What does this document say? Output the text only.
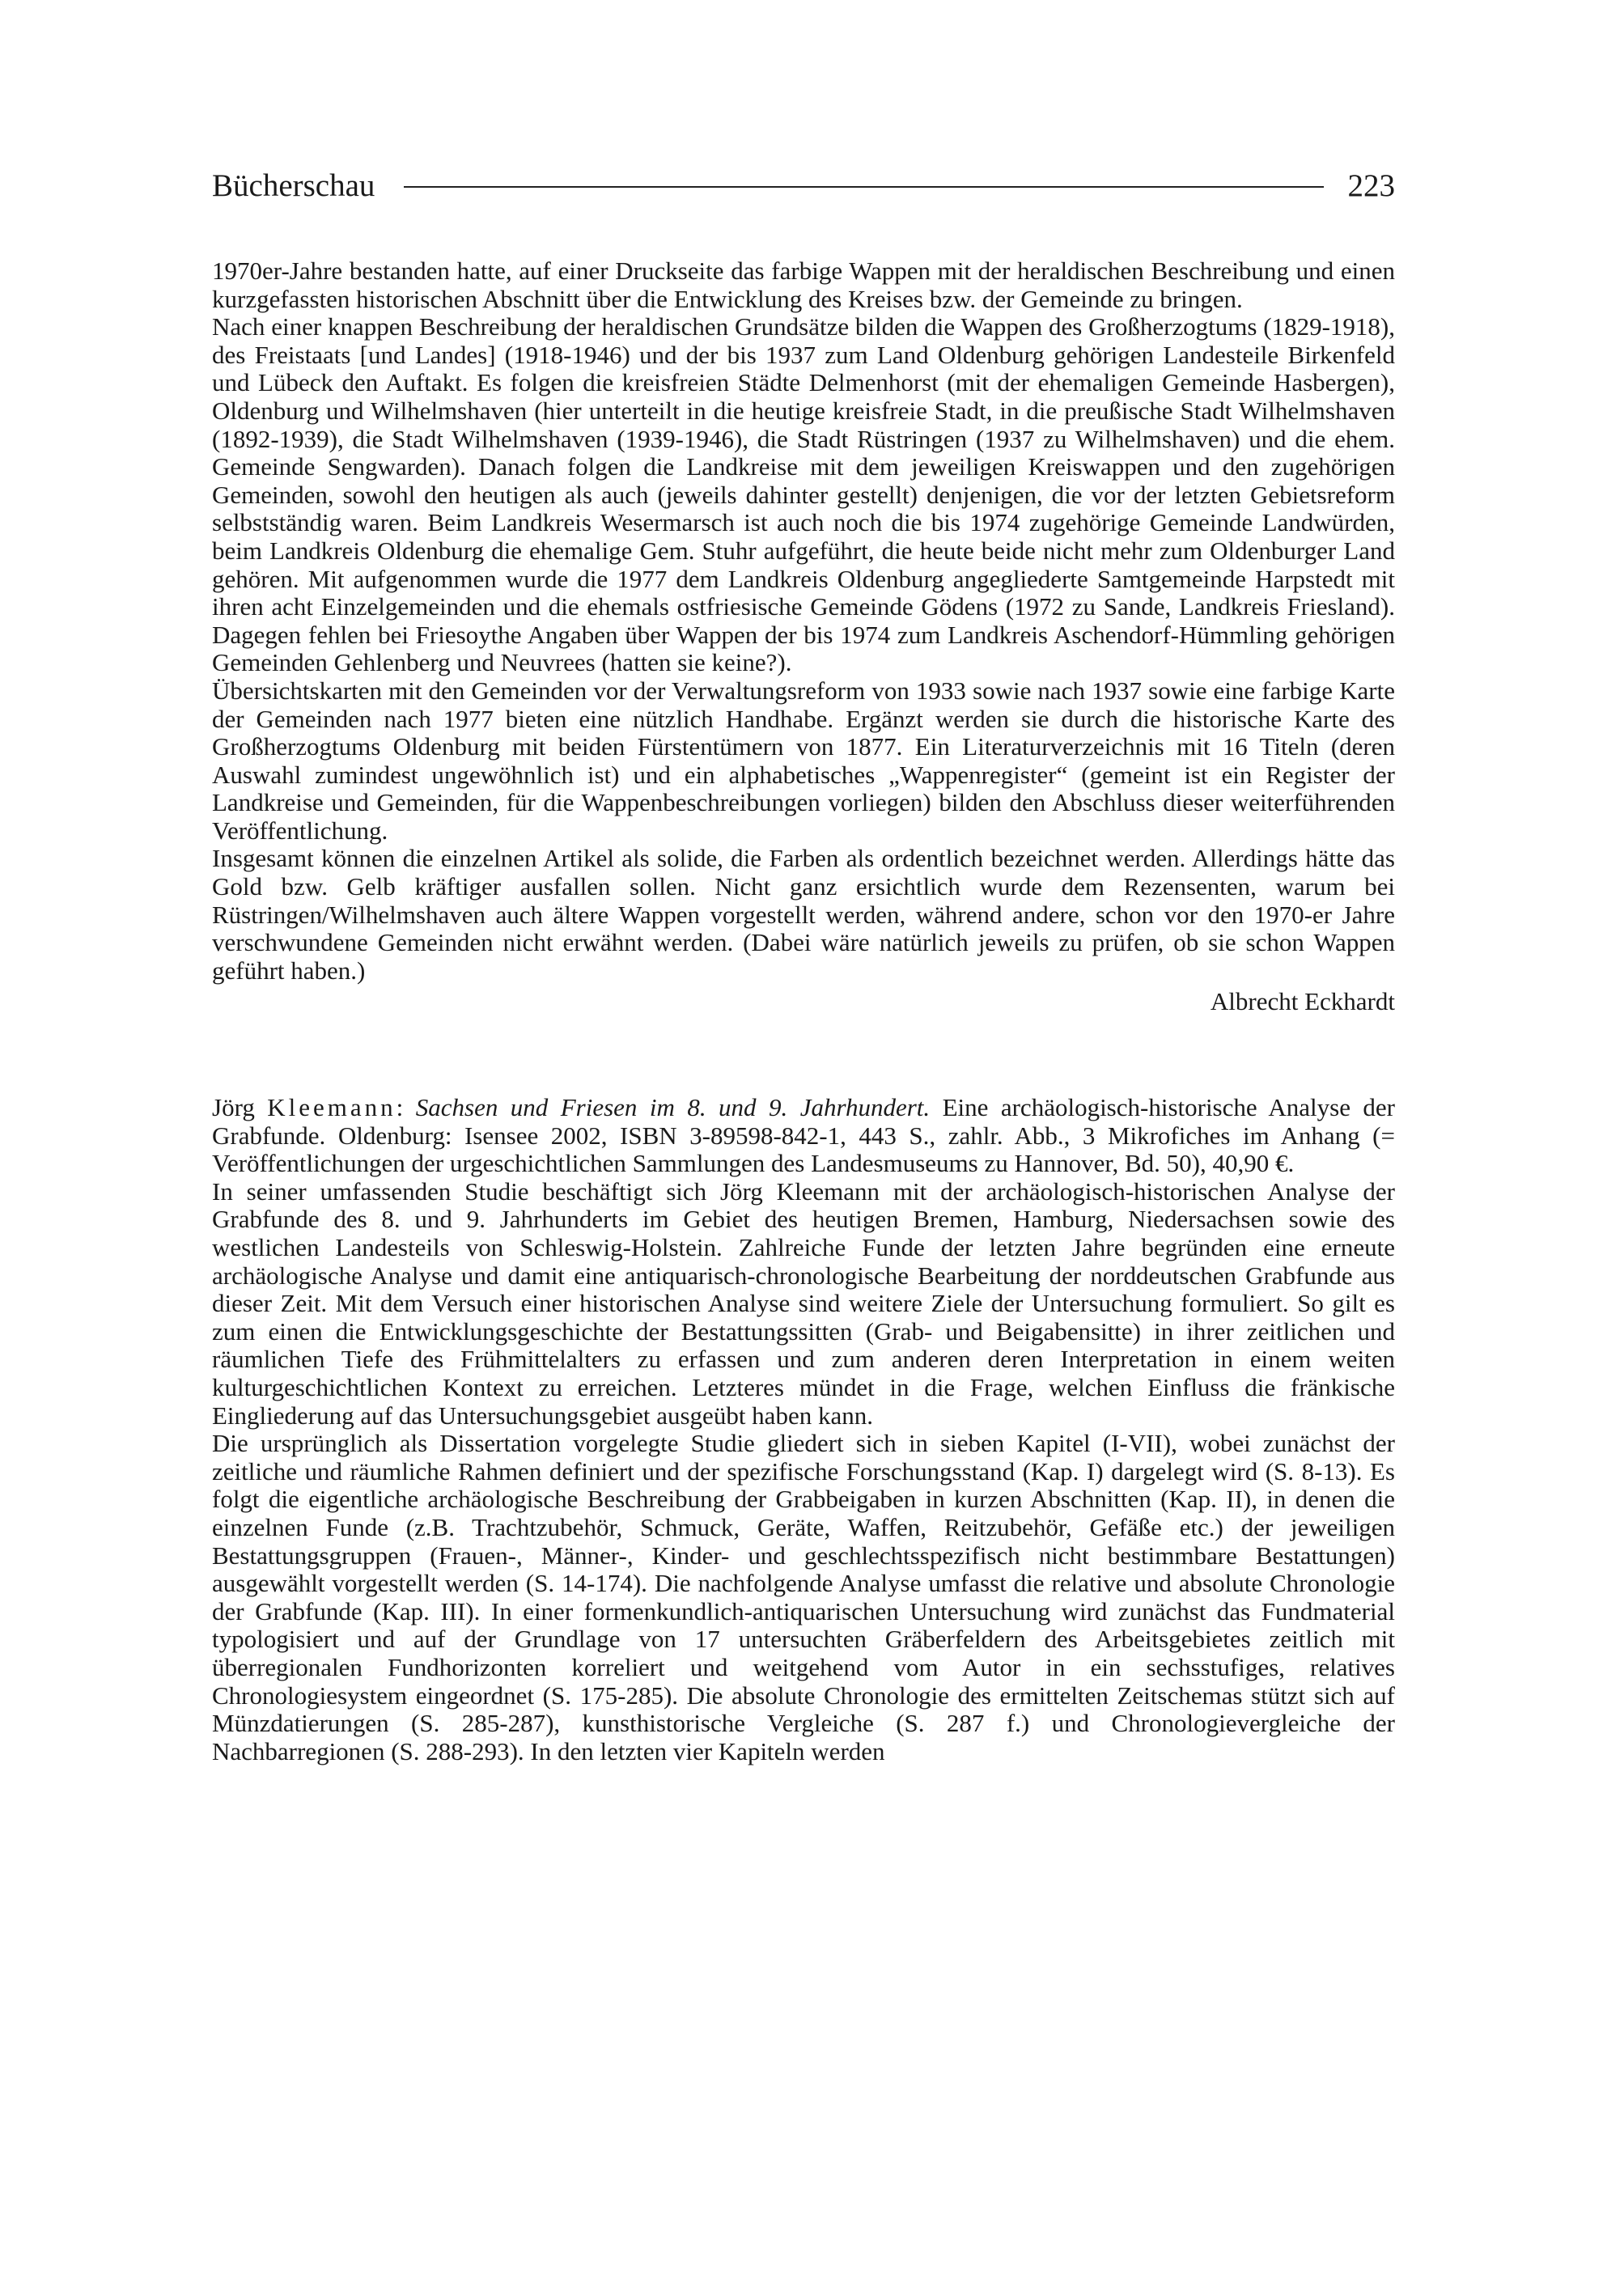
Bücherschau	223

1970er-Jahre bestanden hatte, auf einer Druckseite das farbige Wappen mit der heraldischen Beschreibung und einen kurzgefassten historischen Abschnitt über die Entwicklung des Kreises bzw. der Gemeinde zu bringen.

Nach einer knappen Beschreibung der heraldischen Grundsätze bilden die Wappen des Großherzogtums (1829-1918), des Freistaats [und Landes] (1918-1946) und der bis 1937 zum Land Oldenburg gehörigen Landesteile Birkenfeld und Lübeck den Auftakt. Es folgen die kreisfreien Städte Delmenhorst (mit der ehemaligen Gemeinde Hasbergen), Oldenburg und Wilhelmshaven (hier unterteilt in die heutige kreisfreie Stadt, in die preußische Stadt Wilhelmshaven (1892-1939), die Stadt Wilhelmshaven (1939-1946), die Stadt Rüstringen (1937 zu Wilhelmshaven) und die ehem. Gemeinde Sengwarden). Danach folgen die Landkreise mit dem jeweiligen Kreiswappen und den zugehörigen Gemeinden, sowohl den heutigen als auch (jeweils dahinter gestellt) denjenigen, die vor der letzten Gebietsreform selbstständig waren. Beim Landkreis Wesermarsch ist auch noch die bis 1974 zugehörige Gemeinde Landwürden, beim Landkreis Oldenburg die ehemalige Gem. Stuhr aufgeführt, die heute beide nicht mehr zum Oldenburger Land gehören. Mit aufgenommen wurde die 1977 dem Landkreis Oldenburg angegliederte Samtgemeinde Harpstedt mit ihren acht Einzelgemeinden und die ehemals ostfriesische Gemeinde Gödens (1972 zu Sande, Landkreis Friesland). Dagegen fehlen bei Friesoythe Angaben über Wappen der bis 1974 zum Landkreis Aschendorf-Hümmling gehörigen Gemeinden Gehlenberg und Neuvrees (hatten sie keine?).

Übersichtskarten mit den Gemeinden vor der Verwaltungsreform von 1933 sowie nach 1937 sowie eine farbige Karte der Gemeinden nach 1977 bieten eine nützlich Handhabe. Ergänzt werden sie durch die historische Karte des Großherzogtums Oldenburg mit beiden Fürstentümern von 1877. Ein Literaturverzeichnis mit 16 Titeln (deren Auswahl zumindest ungewöhnlich ist) und ein alphabetisches „Wappenregister“ (gemeint ist ein Register der Landkreise und Gemeinden, für die Wappenbeschreibungen vorliegen) bilden den Abschluss dieser weiterführenden Veröffentlichung.

Insgesamt können die einzelnen Artikel als solide, die Farben als ordentlich bezeichnet werden. Allerdings hätte das Gold bzw. Gelb kräftiger ausfallen sollen. Nicht ganz ersichtlich wurde dem Rezensenten, warum bei Rüstringen/Wilhelmshaven auch ältere Wappen vorgestellt werden, während andere, schon vor den 1970-er Jahre verschwundene Gemeinden nicht erwähnt werden. (Dabei wäre natürlich jeweils zu prüfen, ob sie schon Wappen geführt haben.)

Albrecht Eckhardt

Jörg Kleemann: Sachsen und Friesen im 8. und 9. Jahrhundert. Eine archäologisch-historische Analyse der Grabfunde. Oldenburg: Isensee 2002, ISBN 3-89598-842-1, 443 S., zahlr. Abb., 3 Mikrofiches im Anhang (= Veröffentlichungen der urgeschichtlichen Sammlungen des Landesmuseums zu Hannover, Bd. 50), 40,90 €.

In seiner umfassenden Studie beschäftigt sich Jörg Kleemann mit der archäologisch-historischen Analyse der Grabfunde des 8. und 9. Jahrhunderts im Gebiet des heutigen Bremen, Hamburg, Niedersachsen sowie des westlichen Landesteils von Schleswig-Holstein. Zahlreiche Funde der letzten Jahre begründen eine erneute archäologische Analyse und damit eine antiquarisch-chronologische Bearbeitung der norddeutschen Grabfunde aus dieser Zeit. Mit dem Versuch einer historischen Analyse sind weitere Ziele der Untersuchung formuliert. So gilt es zum einen die Entwicklungsgeschichte der Bestattungssitten (Grab- und Beigabensitte) in ihrer zeitlichen und räumlichen Tiefe des Frühmittelalters zu erfassen und zum anderen deren Interpretation in einem weiten kulturgeschichtlichen Kontext zu erreichen. Letzteres mündet in die Frage, welchen Einfluss die fränkische Eingliederung auf das Untersuchungsgebiet ausgeübt haben kann.

Die ursprünglich als Dissertation vorgelegte Studie gliedert sich in sieben Kapitel (I-VII), wobei zunächst der zeitliche und räumliche Rahmen definiert und der spezifische Forschungsstand (Kap. I) dargelegt wird (S. 8-13). Es folgt die eigentliche archäologische Beschreibung der Grabbeigaben in kurzen Abschnitten (Kap. II), in denen die einzelnen Funde (z.B. Trachtzubehör, Schmuck, Geräte, Waffen, Reitzubehör, Gefäße etc.) der jeweiligen Bestattungsgruppen (Frauen-, Männer-, Kinder- und geschlechtsspezifisch nicht bestimmbare Bestattungen) ausgewählt vorgestellt werden (S. 14-174). Die nachfolgende Analyse umfasst die relative und absolute Chronologie der Grabfunde (Kap. III). In einer formenkundlich-antiquarischen Untersuchung wird zunächst das Fundmaterial typologisiert und auf der Grundlage von 17 untersuchten Gräberfeldern des Arbeitsgebietes zeitlich mit überregionalen Fundhorizonten korreliert und weitgehend vom Autor in ein sechsstufiges, relatives Chronologiesystem eingeordnet (S. 175-285). Die absolute Chronologie des ermittelten Zeitschemas stützt sich auf Münzdatierungen (S. 285-287), kunsthistorische Vergleiche (S. 287 f.) und Chronologievergleiche der Nachbarregionen (S. 288-293). In den letzten vier Kapiteln werden
